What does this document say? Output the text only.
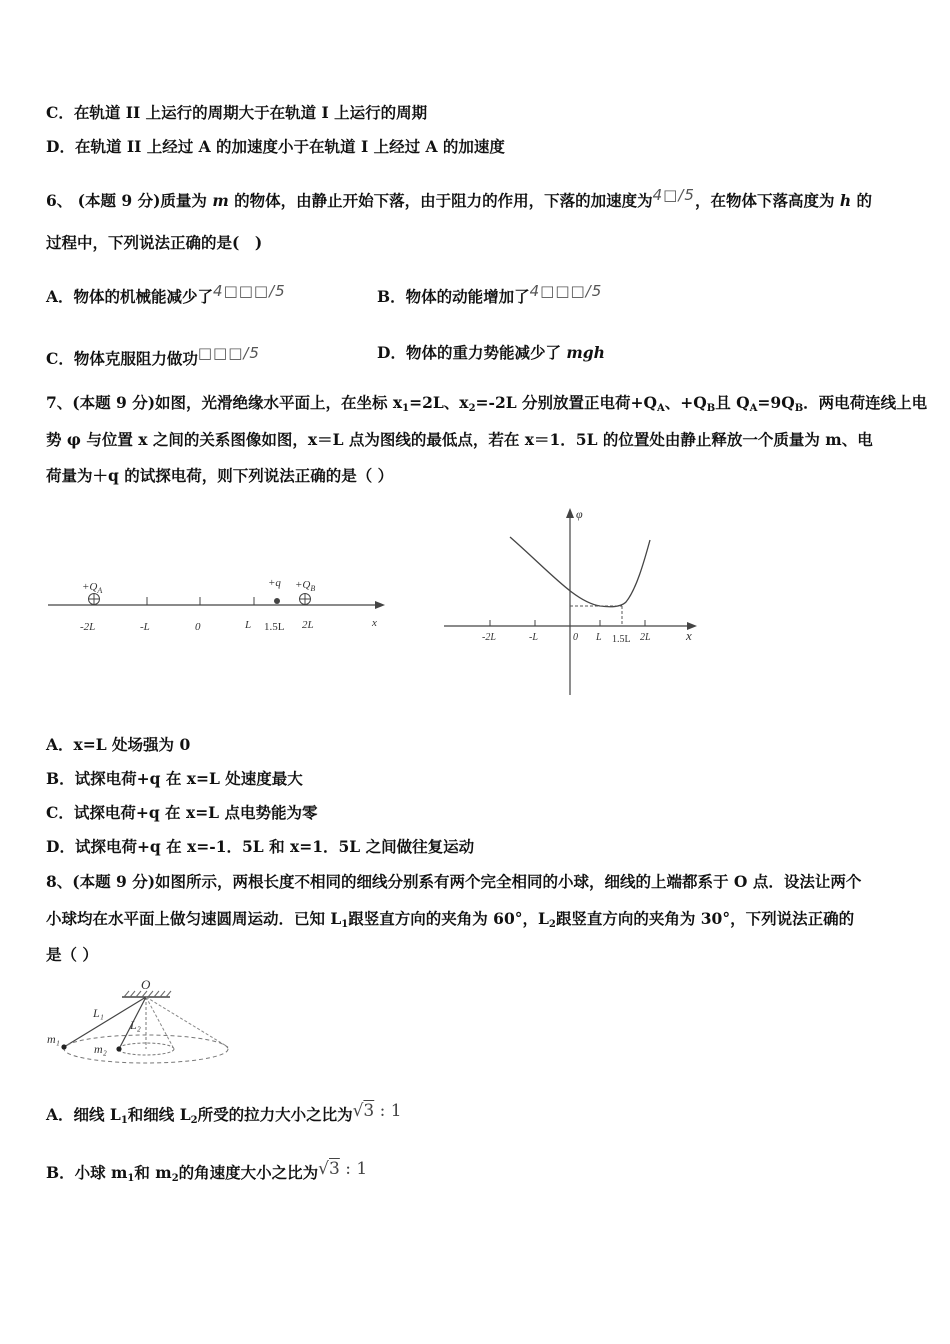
C．在轨道 II 上运行的周期大于在轨道 I 上运行的周期
D．在轨道 II 上经过 A 的加速度小于在轨道 I 上经过 A 的加速度
6、 (本题 9 分)质量为 m 的物体，由静止开始下落，由于阻力的作用，下落的加速度为4□/5，在物体下落高度为 h 的
过程中，下列说法正确的是(　)
A．物体的机械能减少了4□□□/5	B．物体的动能增加了4□□□/5
C．物体克服阻力做功□□□/5	D．物体的重力势能减少了 mgh
7、(本题 9 分)如图，光滑绝缘水平面上，在坐标 $x_1=2L$、$x_2=-2L$ 分别放置正电荷$+Q_A$、$+Q_B$且 $Q_A=9Q_B$．两电荷连线上电
势 φ 与位置 x 之间的关系图像如图，x＝L 点为图线的最低点，若在 x＝1．5L 的位置处由静止释放一个质量为 m、电
荷量为＋q 的试探电荷，则下列说法正确的是（ ）
$+Q_A$
$+q +Q_B$
-2L	-L	0	L 1.5L 2L	x
φ
x
-2L	-L	0 L 1.5L 2L
A．x=L 处场强为 0
B．试探电荷+q 在 x=L 处速度最大
C．试探电荷+q 在 x=L 点电势能为零
D．试探电荷+q 在 x=-1．5L 和 x=1．5L 之间做往复运动
8、(本题 9 分)如图所示，两根长度不相同的细线分别系有两个完全相同的小球，细线的上端都系于 O 点．设法让两个
小球均在水平面上做匀速圆周运动．已知 $L_1$跟竖直方向的夹角为 60°，$L_2$跟竖直方向的夹角为 30°，下列说法正确的
是（ ）
O
L₁
L₂
m₁
m₂
A．细线 $L_1$和细线 $L_2$所受的拉力大小之比为√3 : 1
B．小球 $m_1$和 $m_2$的角速度大小之比为√3 : 1
